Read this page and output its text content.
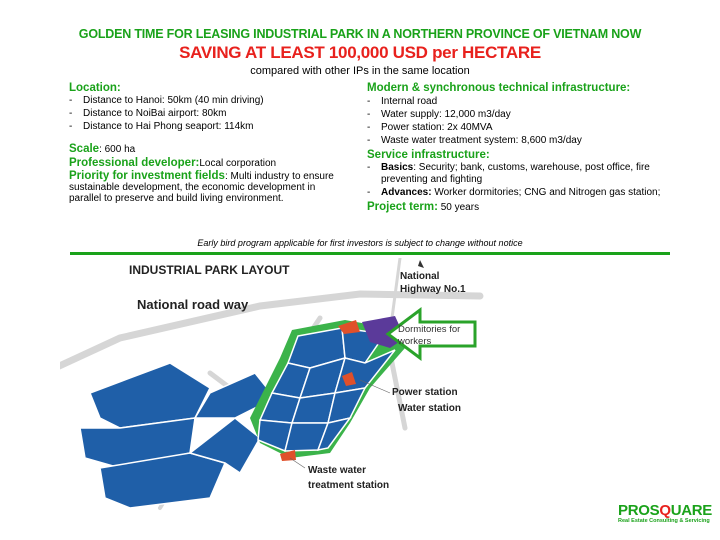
GOLDEN TIME FOR LEASING INDUSTRIAL PARK IN A NORTHERN PROVINCE OF VIETNAM NOW
SAVING AT LEAST 100,000 USD per HECTARE
compared with other IPs in the same location
Location:
- Distance to Hanoi: 50km (40 min driving)
- Distance to NoiBai airport: 80km
- Distance to Hai Phong seaport: 114km
Scale: 600 ha
Professional developer:Local corporation
Priority for investment fields: Multi industry to ensure sustainable development, the economic development in parallel to preserve and build living environment.
Modern & synchronous technical infrastructure:
- Internal road
- Water supply: 12,000 m3/day
- Power station: 2x 40MVA
- Waste water treatment system: 8,600 m3/day
Service infrastructure:
- Basics: Security; bank, customs, warehouse, post office, fire preventing and fighting
- Advances: Worker dormitories; CNG and Nitrogen gas station;
Project term: 50 years
Early bird program applicable for first investors is subject to change without notice
INDUSTRIAL PARK LAYOUT
National road way
National
Highway No.1
Dormitories for
workers
Power station
Water station
Waste water
treatment station
PROSQUARE
Real Estate Consulting & Servicing
